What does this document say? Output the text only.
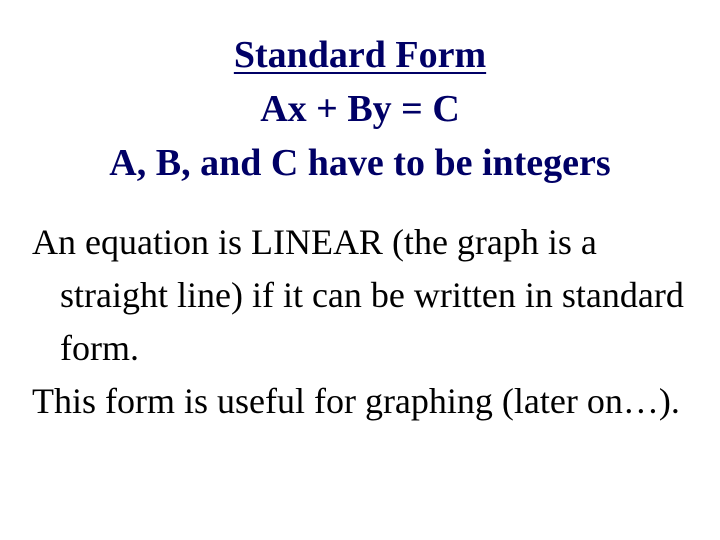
Standard Form
Ax + By = C
A, B, and C have to be integers

An equation is LINEAR (the graph is a straight line) if it can be written in standard form.

This form is useful for graphing (later on…).
